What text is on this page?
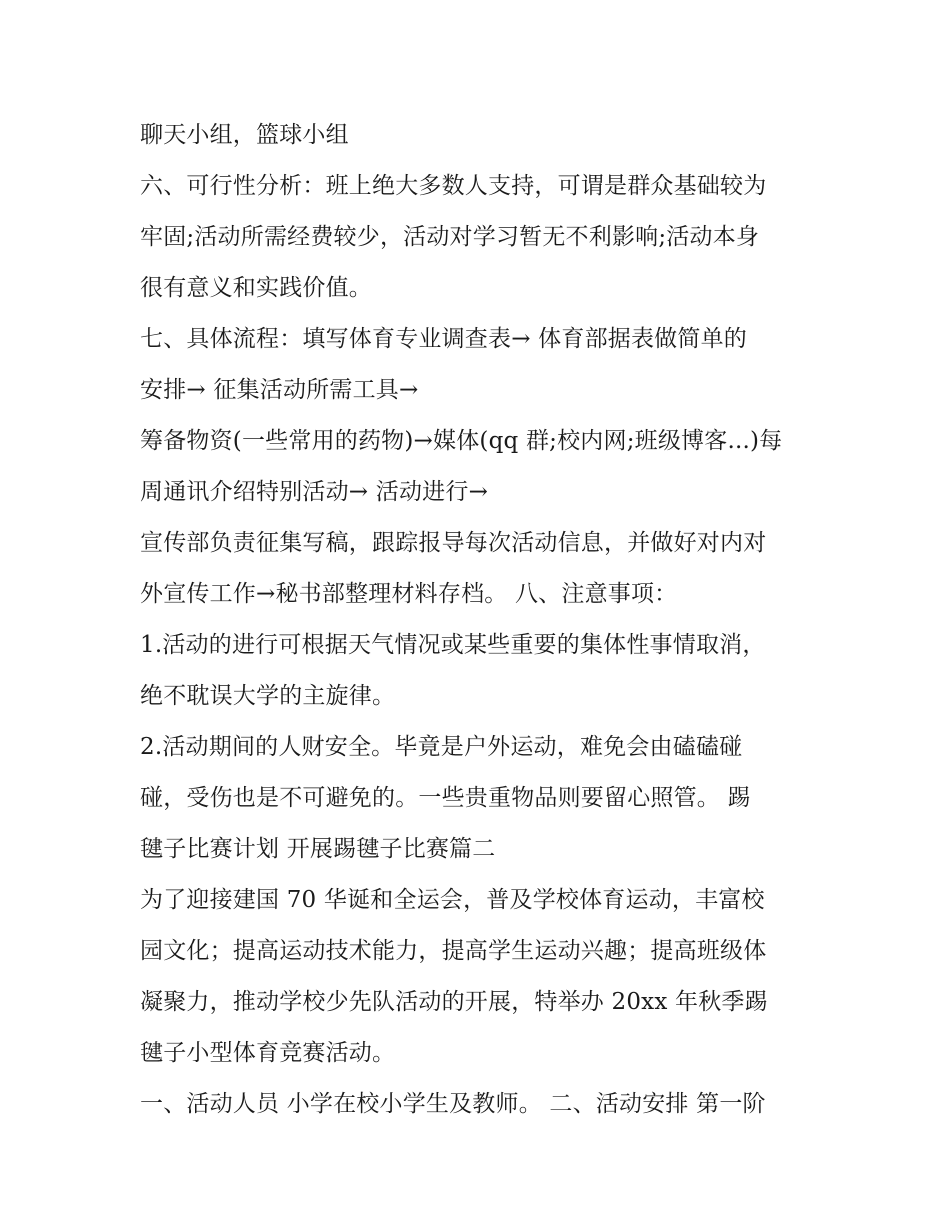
聊天小组，篮球小组
六、可行性分析：班上绝大多数人支持，可谓是群众基础较为
牢固;活动所需经费较少，活动对学习暂无不利影响;活动本身
很有意义和实践价值。
七、具体流程：填写体育专业调查表→ 体育部据表做简单的
安排→ 征集活动所需工具→
筹备物资(一些常用的药物)→媒体(qq 群;校内网;班级博客...)每
周通讯介绍特别活动→ 活动进行→
宣传部负责征集写稿，跟踪报导每次活动信息，并做好对内对
外宣传工作→秘书部整理材料存档。 八、注意事项：
1.活动的进行可根据天气情况或某些重要的集体性事情取消，
绝不耽误大学的主旋律。
2.活动期间的人财安全。毕竟是户外运动，难免会由磕磕碰
碰，受伤也是不可避免的。一些贵重物品则要留心照管。 踢
毽子比赛计划 开展踢毽子比赛篇二
为了迎接建国 70 华诞和全运会，普及学校体育运动，丰富校
园文化；提高运动技术能力，提高学生运动兴趣；提高班级体
凝聚力，推动学校少先队活动的开展，特举办 20xx 年秋季踢
毽子小型体育竞赛活动。
一、活动人员 小学在校小学生及教师。 二、活动安排 第一阶
